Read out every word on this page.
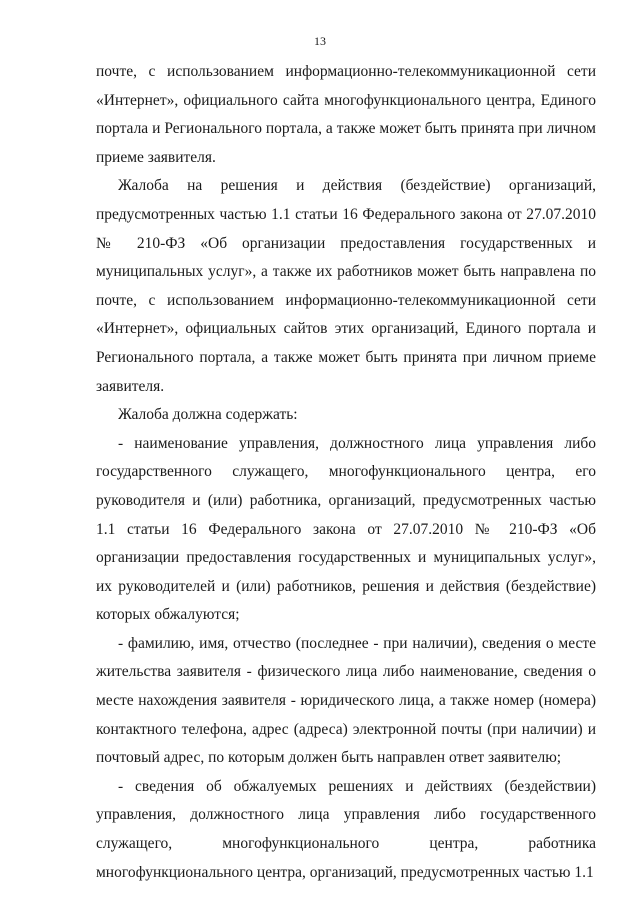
13

почте, с использованием информационно-телекоммуникационной сети «Интернет», официального сайта многофункционального центра, Единого портала и Регионального портала, а также может быть принята при личном приеме заявителя.

Жалоба на решения и действия (бездействие) организаций, предусмотренных частью 1.1 статьи 16 Федерального закона от 27.07.2010 № 210-ФЗ «Об организации предоставления государственных и муниципальных услуг», а также их работников может быть направлена по почте, с использованием информационно-телекоммуникационной сети «Интернет», официальных сайтов этих организаций, Единого портала и Регионального портала, а также может быть принята при личном приеме заявителя.

Жалоба должна содержать:

- наименование управления, должностного лица управления либо государственного служащего, многофункционального центра, его руководителя и (или) работника, организаций, предусмотренных частью 1.1 статьи 16 Федерального закона от 27.07.2010 № 210-ФЗ «Об организации предоставления государственных и муниципальных услуг», их руководителей и (или) работников, решения и действия (бездействие) которых обжалуются;

- фамилию, имя, отчество (последнее - при наличии), сведения о месте жительства заявителя - физического лица либо наименование, сведения о месте нахождения заявителя - юридического лица, а также номер (номера) контактного телефона, адрес (адреса) электронной почты (при наличии) и почтовый адрес, по которым должен быть направлен ответ заявителю;

- сведения об обжалуемых решениях и действиях (бездействии) управления, должностного лица управления либо государственного служащего, многофункционального центра, работника многофункционального центра, организаций, предусмотренных частью 1.1
